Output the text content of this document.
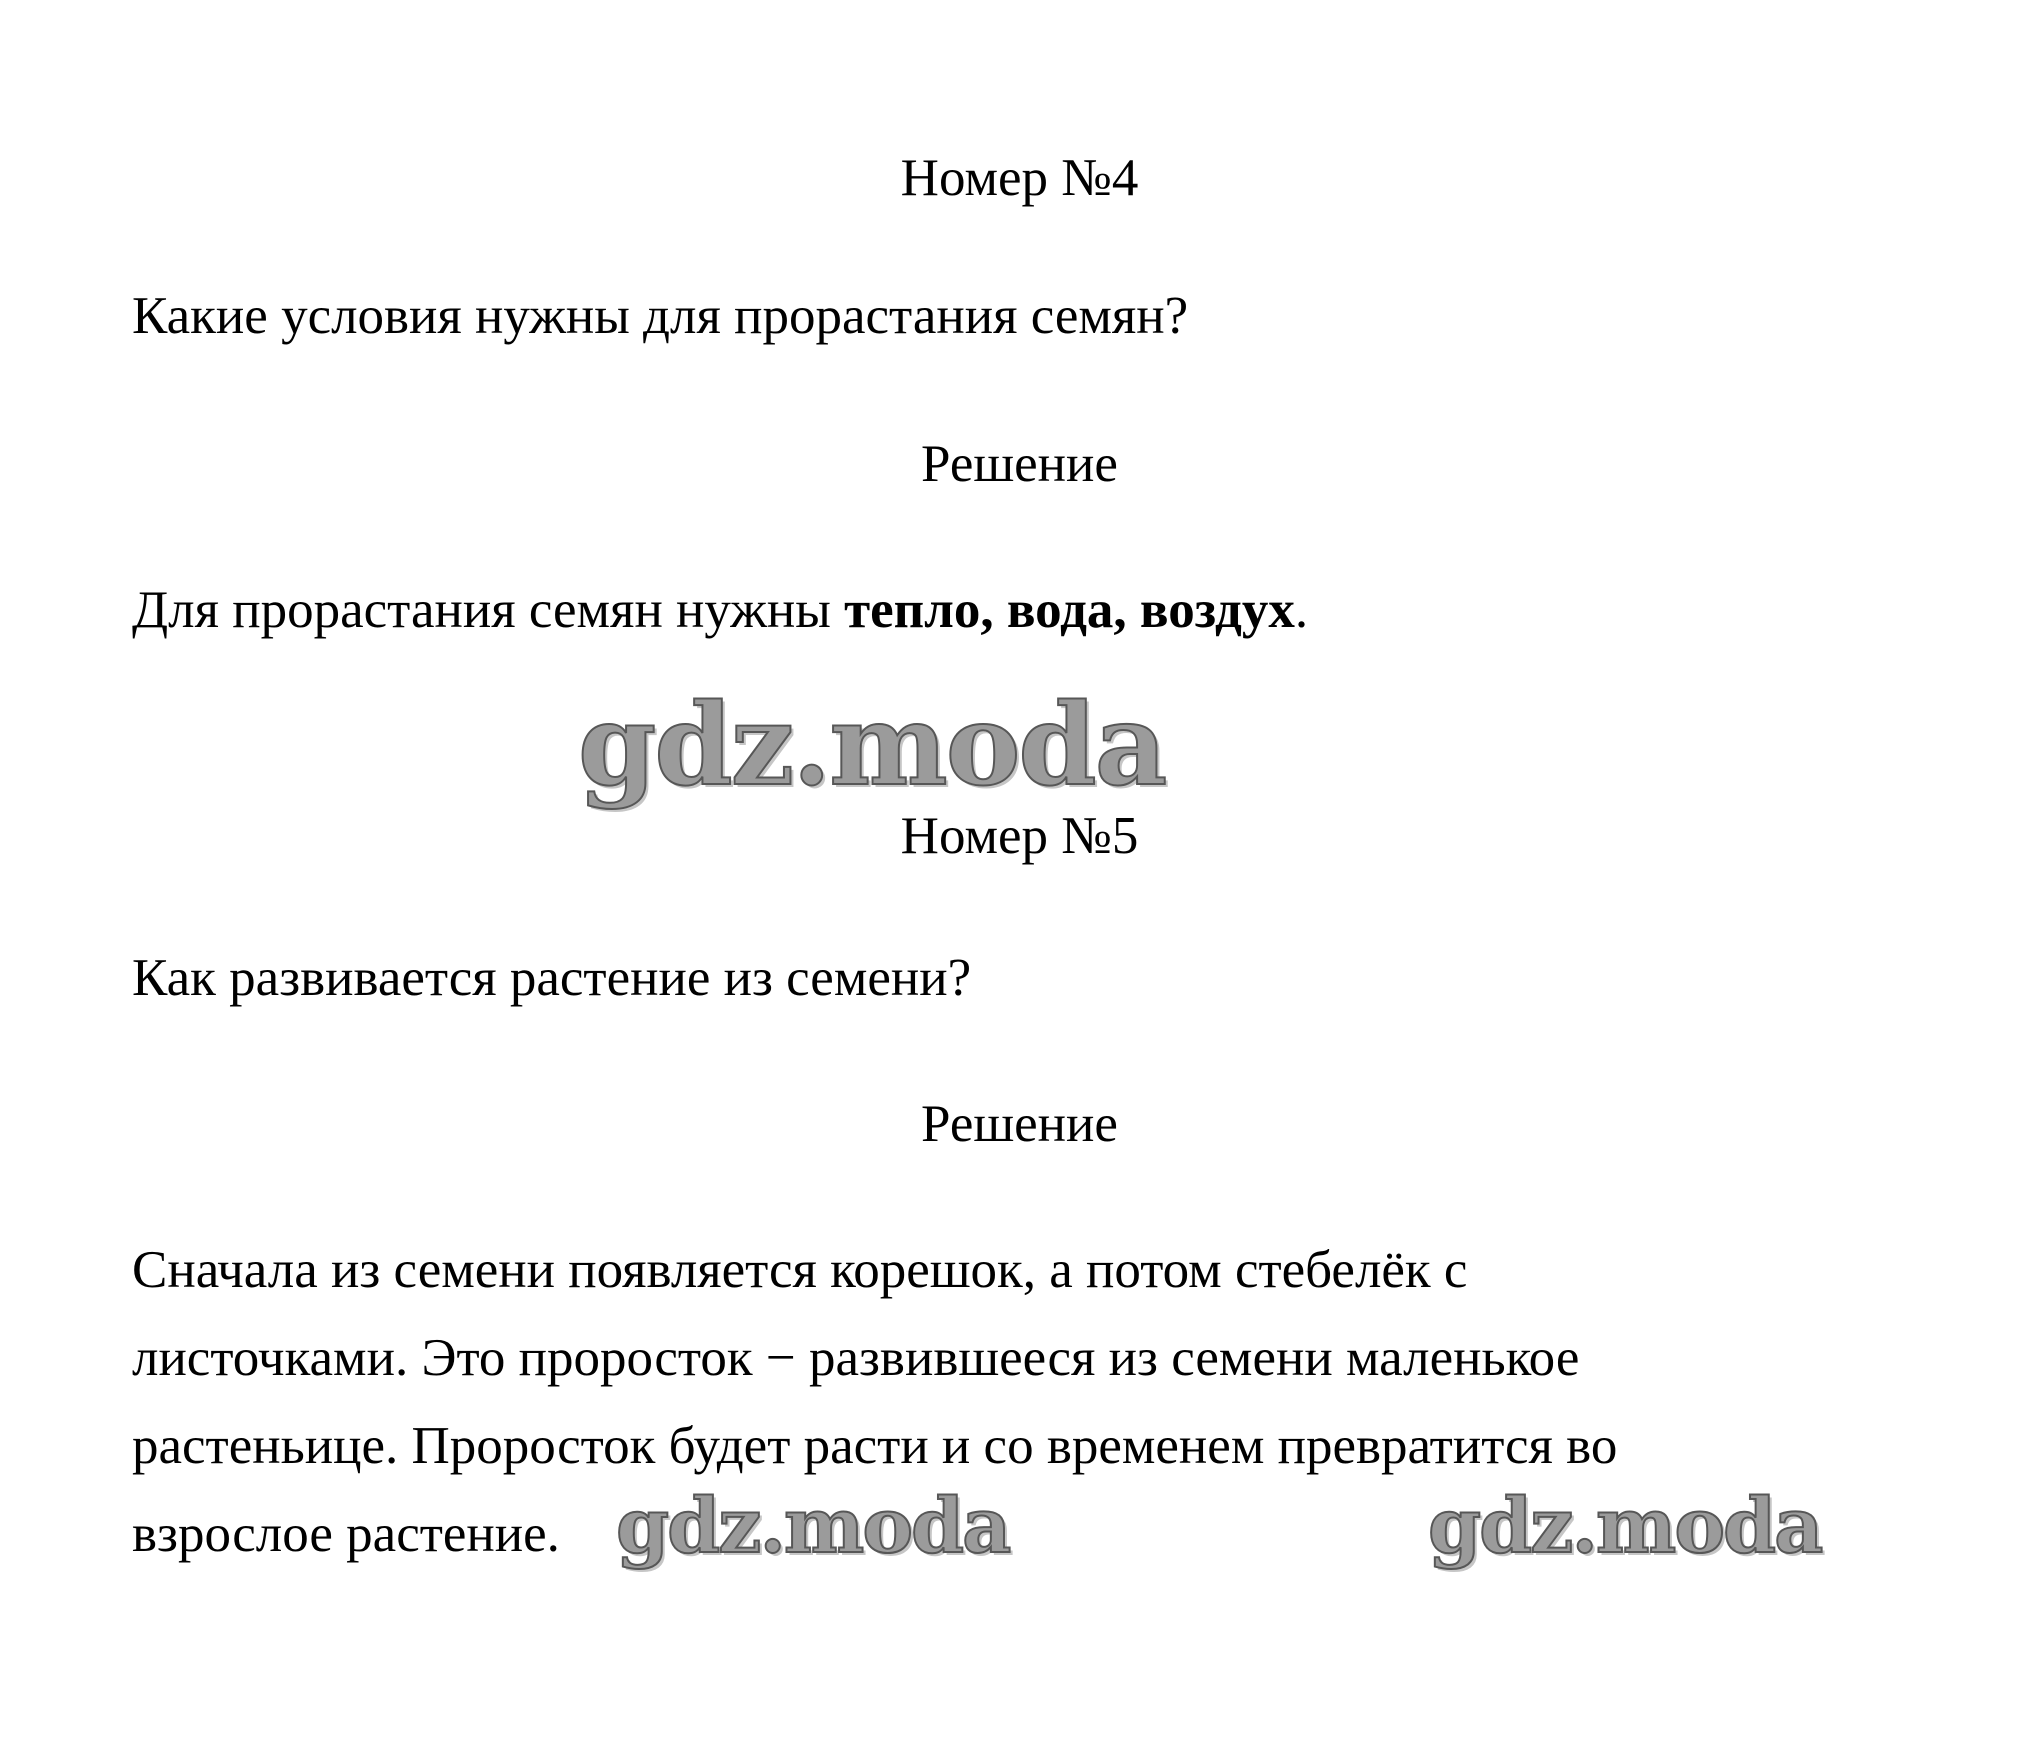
Номер №4
Какие условия нужны для прорастания семян?
Решение
Для прорастания семян нужны тепло, вода, воздух.
gdz.moda
Номер №5
Как развивается растение из семени?
Решение
Сначала из семени появляется корешок, а потом стебелёк с
листочками. Это проросток − развившееся из семени маленькое
растеньице. Проросток будет расти и со временем превратится во
взрослое растение. gdz.moda	gdz.moda
